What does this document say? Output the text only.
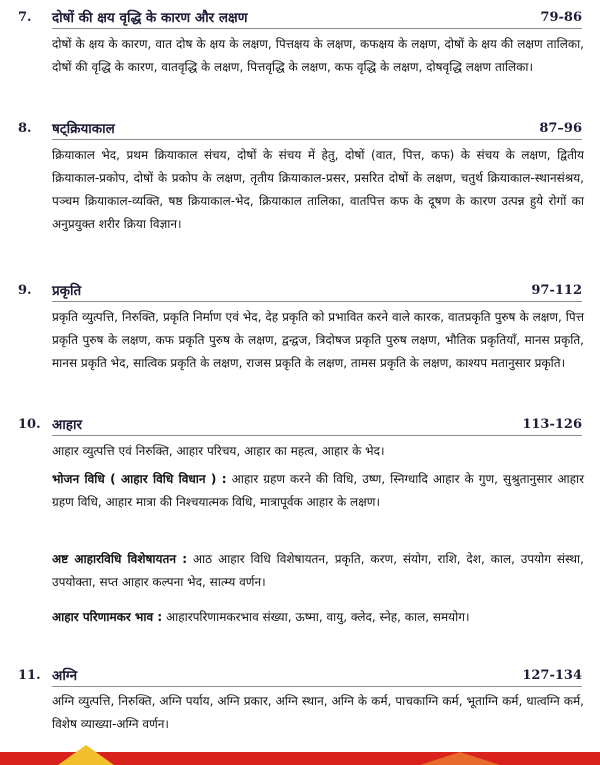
7. दोषों की क्षय वृद्धि के कारण और लक्षण	79-86
दोषों के क्षय के कारण, वात दोष के क्षय के लक्षण, पित्तक्षय के लक्षण, कफक्षय के लक्षण, दोषों के क्षय की लक्षण तालिका, दोषों की वृद्धि के कारण, वातवृद्धि के लक्षण, पित्तवृद्धि के लक्षण, कफ वृद्धि के लक्षण, दोषवृद्धि लक्षण तालिका।
8. षट्क्रियाकाल	87–96
क्रियाकाल भेद, प्रथम क्रियाकाल संचय, दोषों के संचय में हेतु, दोषों (वात, पित्त, कफ) के संचय के लक्षण, द्वितीय क्रियाकाल-प्रकोप, दोषों के प्रकोप के लक्षण, तृतीय क्रियाकाल-प्रसर, प्रसरित दोषों के लक्षण, चतुर्थ क्रियाकाल-स्थानसंश्रय, पञ्चम क्रियाकाल-व्यक्ति, षष्ठ क्रियाकाल-भेद, क्रियाकाल तालिका, वातपित्त कफ के दूषण के कारण उत्पन्न हुये रोगों का अनुप्रयुक्त शरीर क्रिया विज्ञान।
9. प्रकृति	97-112
प्रकृति व्युत्पत्ति, निरुक्ति, प्रकृति निर्माण एवं भेद, देह प्रकृति को प्रभावित करने वाले कारक, वातप्रकृति पुरुष के लक्षण, पित्त प्रकृति पुरुष के लक्षण, कफ प्रकृति पुरुष के लक्षण, द्वन्द्वज, त्रिदोषज प्रकृति पुरुष लक्षण, भौतिक प्रकृतियाँ, मानस प्रकृति, मानस प्रकृति भेद, सात्विक प्रकृति के लक्षण, राजस प्रकृति के लक्षण, तामस प्रकृति के लक्षण, काश्यप मतानुसार प्रकृति।
10. आहार	113-126
आहार व्युत्पत्ति एवं निरुक्ति, आहार परिचय, आहार का महत्व, आहार के भेद।
भोजन विधि ( आहार विधि विधान ) : आहार ग्रहण करने की विधि, उष्ण, स्निग्धादि आहार के गुण, सुश्रुतानुसार आहार ग्रहण विधि, आहार मात्रा की निश्चयात्मक विधि, मात्रापूर्वक आहार के लक्षण।
अष्ट आहारविधि विशेषायतन : आठ आहार विधि विशेषायतन, प्रकृति, करण, संयोग, राशि, देश, काल, उपयोग संस्था, उपयोक्ता, सप्त आहार कल्पना भेद, सात्म्य वर्णन।
आहार परिणामकर भाव : आहारपरिणामकरभाव संख्या, ऊष्मा, वायु, क्लेद, स्नेह, काल, समयोग।
11. अग्नि	127-134
अग्नि व्युत्पत्ति, निरुक्ति, अग्नि पर्याय, अग्नि प्रकार, अग्नि स्थान, अग्नि के कर्म, पाचकाग्नि कर्म, भूताग्नि कर्म, धात्वग्नि कर्म, विशेष व्याख्या-अग्नि वर्णन।
